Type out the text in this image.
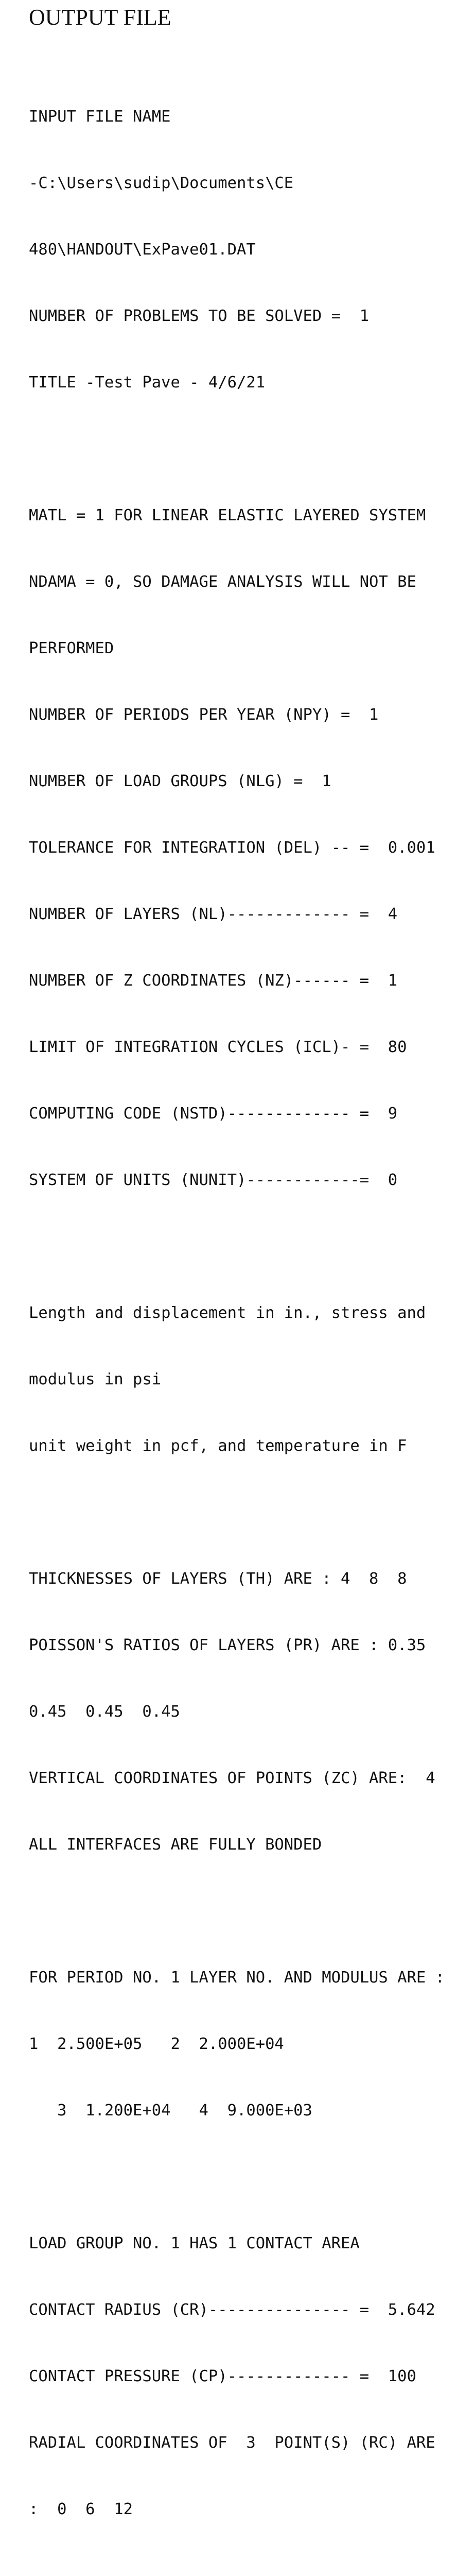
OUTPUT FILE

INPUT FILE NAME

-C:\Users\sudip\Documents\CE

480\HANDOUT\ExPave01.DAT

NUMBER OF PROBLEMS TO BE SOLVED =  1

TITLE -Test Pave - 4/6/21

MATL = 1 FOR LINEAR ELASTIC LAYERED SYSTEM

NDAMA = 0, SO DAMAGE ANALYSIS WILL NOT BE

PERFORMED

NUMBER OF PERIODS PER YEAR (NPY) =  1

NUMBER OF LOAD GROUPS (NLG) =  1

TOLERANCE FOR INTEGRATION (DEL) -- =  0.001

NUMBER OF LAYERS (NL)------------- =  4

NUMBER OF Z COORDINATES (NZ)------ =  1

LIMIT OF INTEGRATION CYCLES (ICL)- =  80

COMPUTING CODE (NSTD)------------- =  9

SYSTEM OF UNITS (NUNIT)------------=  0

Length and displacement in in., stress and

modulus in psi

unit weight in pcf, and temperature in F

THICKNESSES OF LAYERS (TH) ARE : 4  8  8

POISSON'S RATIOS OF LAYERS (PR) ARE : 0.35

0.45  0.45  0.45

VERTICAL COORDINATES OF POINTS (ZC) ARE:  4

ALL INTERFACES ARE FULLY BONDED

FOR PERIOD NO. 1 LAYER NO. AND MODULUS ARE :

1  2.500E+05   2  2.000E+04

3  1.200E+04   4  9.000E+03

LOAD GROUP NO. 1 HAS 1 CONTACT AREA

CONTACT RADIUS (CR)--------------- =  5.642

CONTACT PRESSURE (CP)------------- =  100

RADIAL COORDINATES OF  3  POINT(S) (RC) ARE

:  0  6  12
